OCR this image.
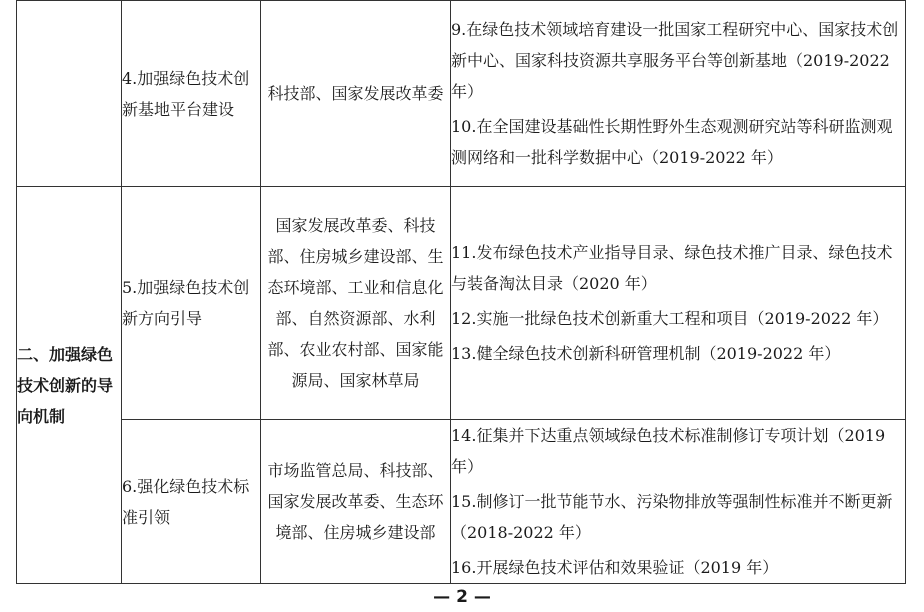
	4.加强绿色技术创新基地平台建设	科技部、国家发展改革委	9.在绿色技术领域培育建设一批国家工程研究中心、国家技术创新中心、国家科技资源共享服务平台等创新基地（2019-2022 年）
10.在全国建设基础性长期性野外生态观测研究站等科研监测观测网络和一批科学数据中心（2019-2022 年）

二、加强绿色技术创新的导向机制	5.加强绿色技术创新方向引导	国家发展改革委、科技部、住房城乡建设部、生态环境部、工业和信息化部、自然资源部、水利部、农业农村部、国家能源局、国家林草局	11.发布绿色技术产业指导目录、绿色技术推广目录、绿色技术与装备淘汰目录（2020 年）
12.实施一批绿色技术创新重大工程和项目（2019-2022 年）
13.健全绿色技术创新科研管理机制（2019-2022 年）

	6.强化绿色技术标准引领	市场监管总局、科技部、国家发展改革委、生态环境部、住房城乡建设部	14.征集并下达重点领域绿色技术标准制修订专项计划（2019 年）
15.制修订一批节能节水、污染物排放等强制性标准并不断更新（2018-2022 年）
16.开展绿色技术评估和效果验证（2019 年）
— 2 —
